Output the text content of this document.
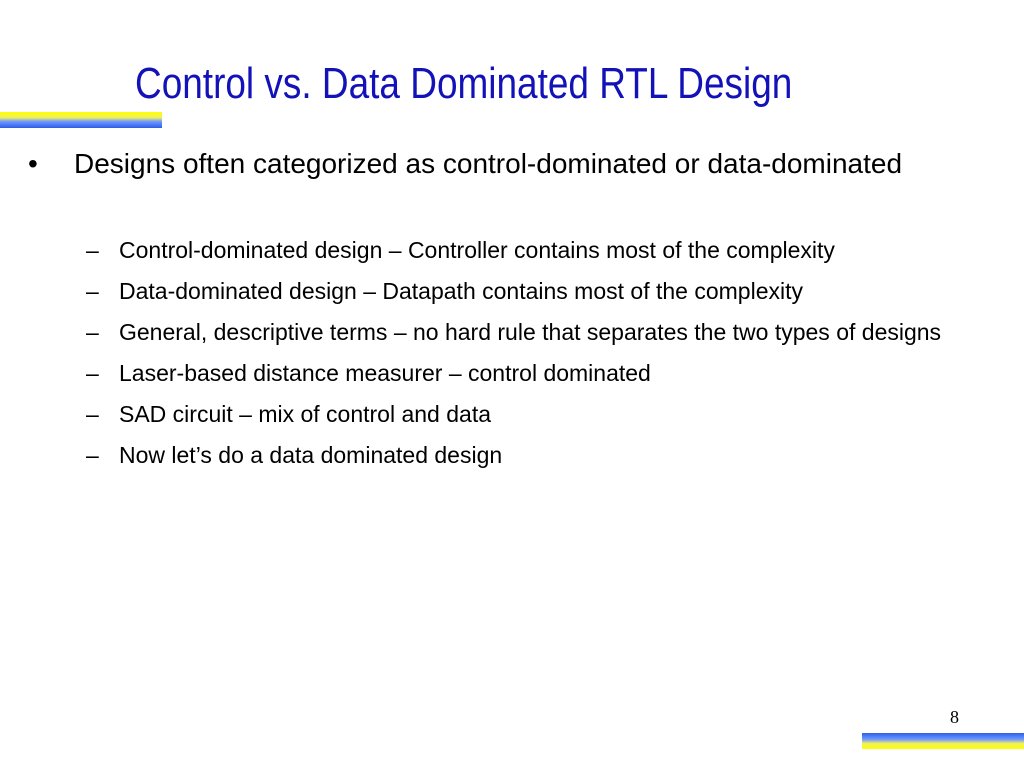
Control vs. Data Dominated RTL Design
• Designs often categorized as control-dominated or data-dominated
– Control-dominated design – Controller contains most of the complexity
– Data-dominated design – Datapath contains most of the complexity
– General, descriptive terms – no hard rule that separates the two types of designs
– Laser-based distance measurer – control dominated
– SAD circuit – mix of control and data
– Now let’s do a data dominated design
8
